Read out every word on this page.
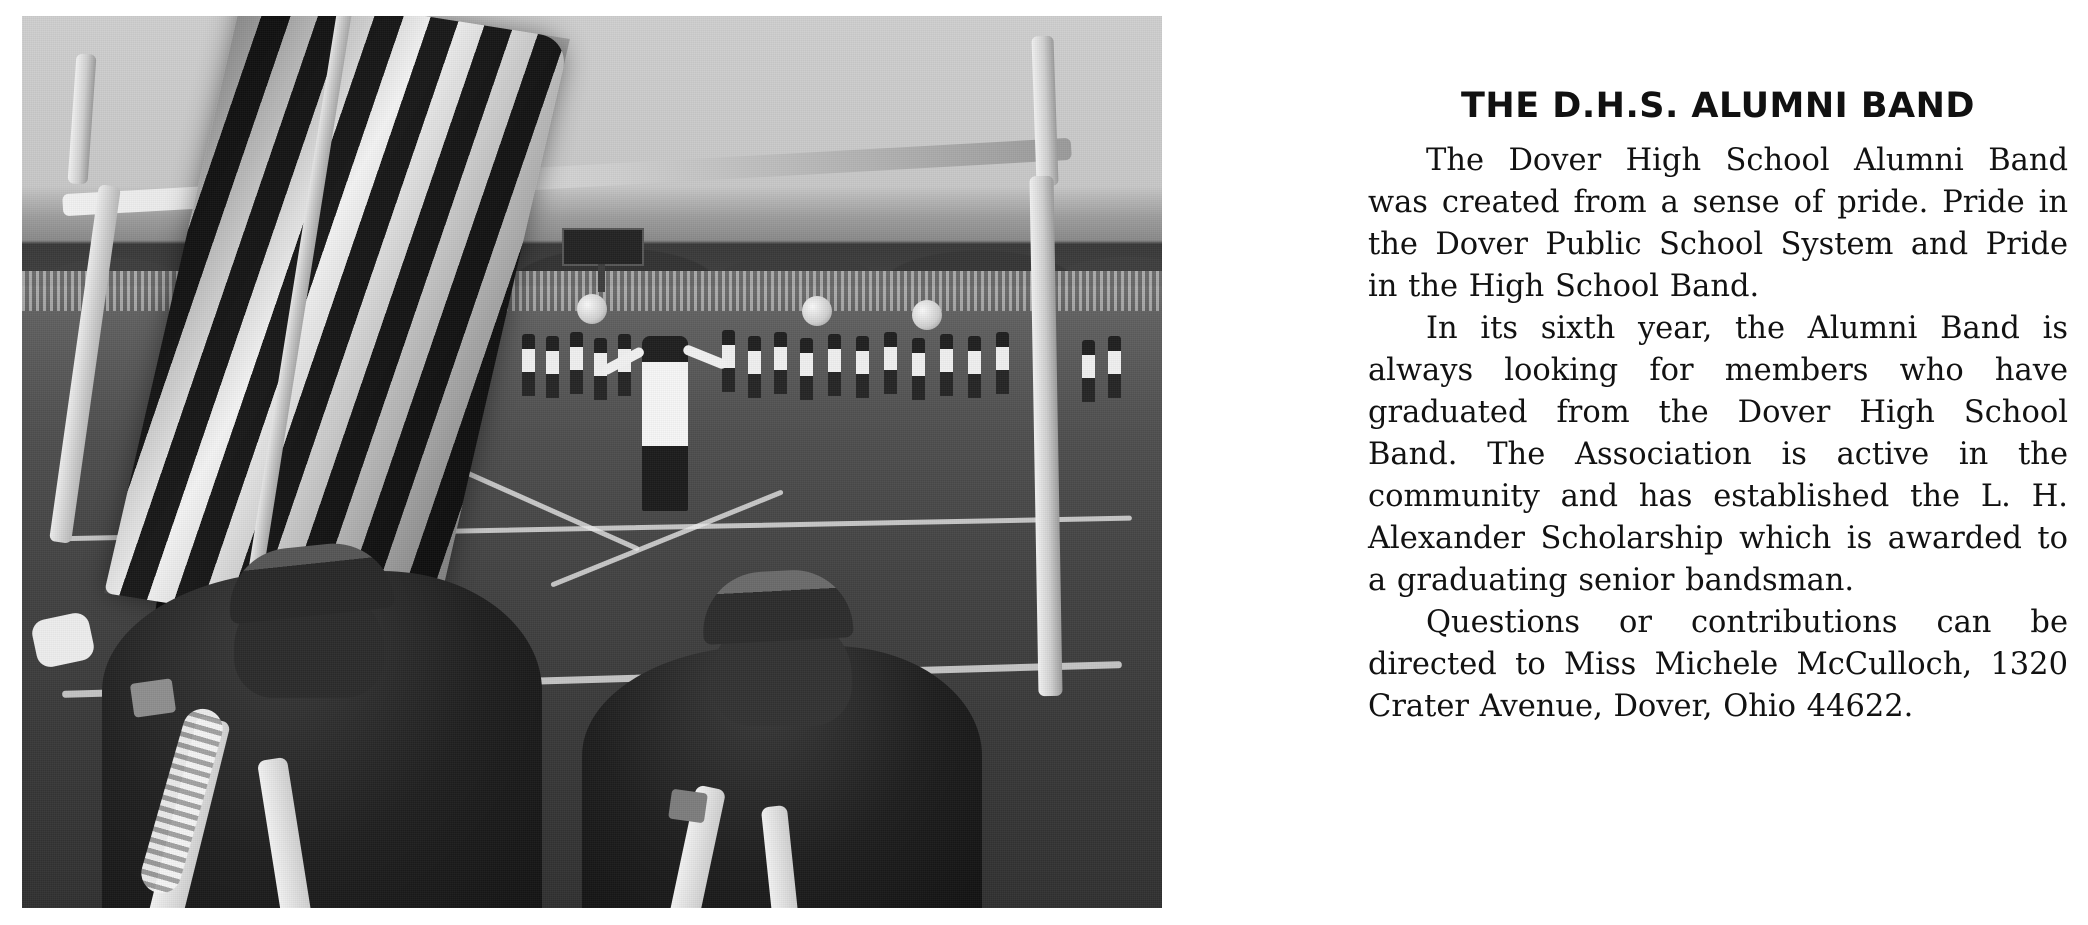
THE D.H.S. ALUMNI BAND

The Dover High School Alumni Band was created from a sense of pride. Pride in the Dover Public School System and Pride in the High School Band.

In its sixth year, the Alumni Band is always looking for members who have graduated from the Dover High School Band. The Association is active in the community and has established the L. H. Alexander Scholarship which is awarded to a graduating senior bandsman.

Questions or contributions can be directed to Miss Michele McCulloch, 1320 Crater Avenue, Dover, Ohio 44622.
